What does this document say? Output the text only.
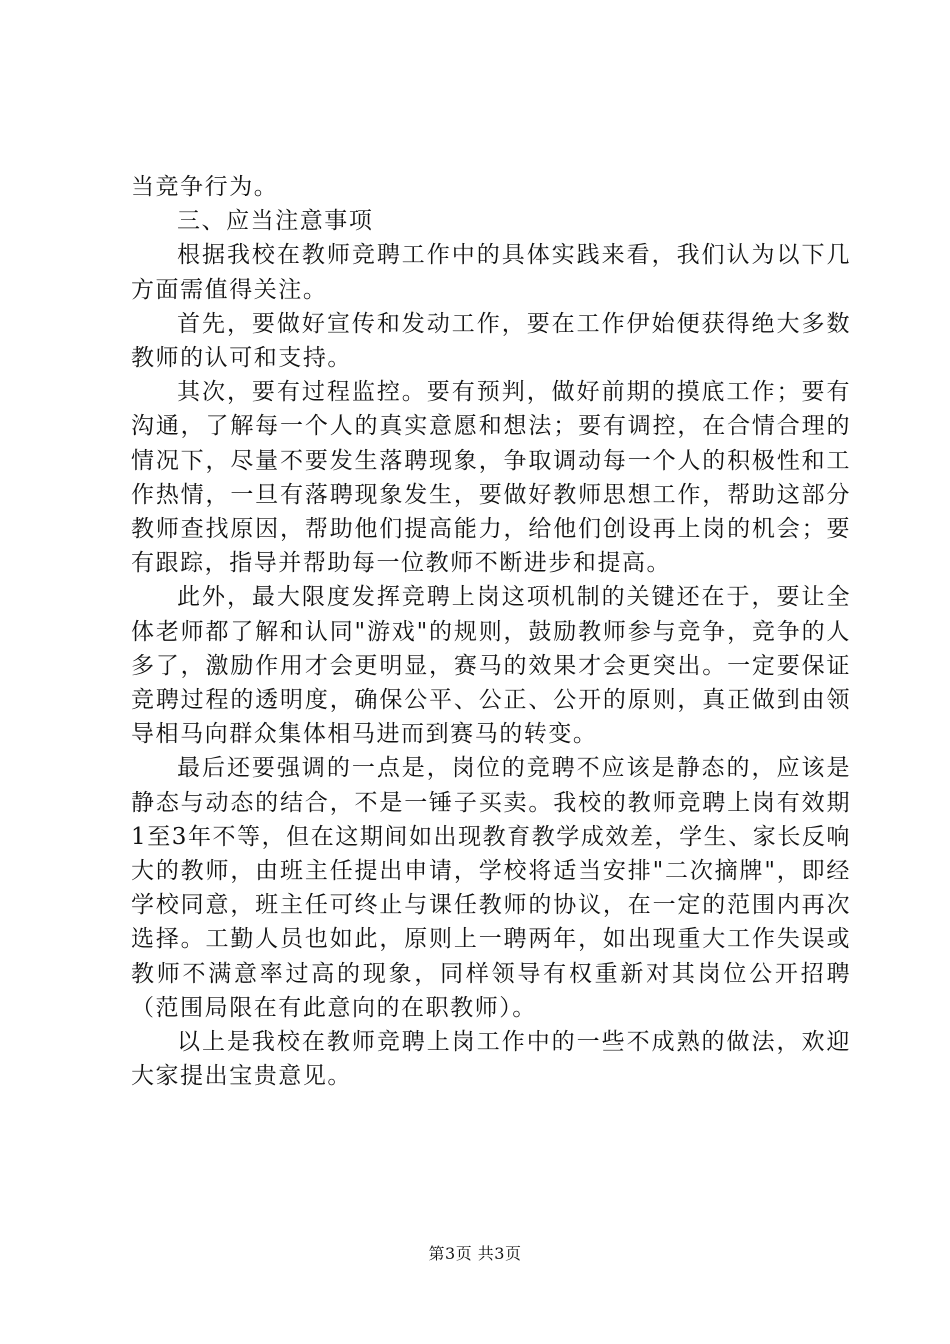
当竞争行为。

三、应当注意事项

根据我校在教师竞聘工作中的具体实践来看，我们认为以下几方面需值得关注。

首先，要做好宣传和发动工作，要在工作伊始便获得绝大多数教师的认可和支持。

其次，要有过程监控。要有预判，做好前期的摸底工作；要有沟通，了解每一个人的真实意愿和想法；要有调控，在合情合理的情况下，尽量不要发生落聘现象，争取调动每一个人的积极性和工作热情，一旦有落聘现象发生，要做好教师思想工作，帮助这部分教师查找原因，帮助他们提高能力，给他们创设再上岗的机会；要有跟踪，指导并帮助每一位教师不断进步和提高。

此外，最大限度发挥竞聘上岗这项机制的关键还在于，要让全体老师都了解和认同"游戏"的规则，鼓励教师参与竞争，竞争的人多了，激励作用才会更明显，赛马的效果才会更突出。一定要保证竞聘过程的透明度，确保公平、公正、公开的原则，真正做到由领导相马向群众集体相马进而到赛马的转变。

最后还要强调的一点是，岗位的竞聘不应该是静态的，应该是静态与动态的结合，不是一锤子买卖。我校的教师竞聘上岗有效期1至3年不等，但在这期间如出现教育教学成效差，学生、家长反响大的教师，由班主任提出申请，学校将适当安排"二次摘牌"，即经学校同意，班主任可终止与课任教师的协议，在一定的范围内再次选择。工勤人员也如此，原则上一聘两年，如出现重大工作失误或教师不满意率过高的现象，同样领导有权重新对其岗位公开招聘（范围局限在有此意向的在职教师）。

以上是我校在教师竞聘上岗工作中的一些不成熟的做法，欢迎大家提出宝贵意见。

第3页 共3页
